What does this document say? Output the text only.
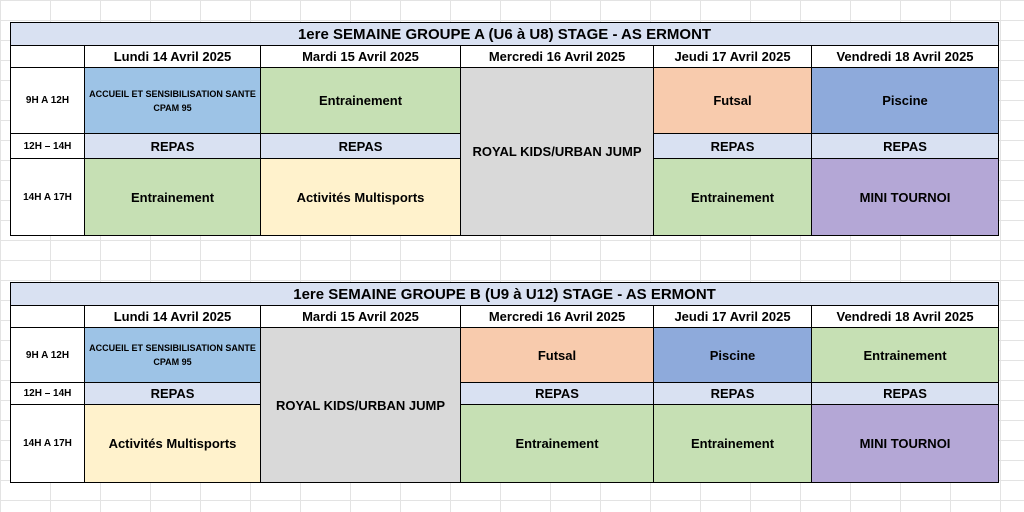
1ere SEMAINE GROUPE A (U6 à U8) STAGE - AS ERMONT					
	Lundi 14 Avril 2025	Mardi 15 Avril 2025	Mercredi 16 Avril 2025	Jeudi 17 Avril 2025	Vendredi 18 Avril 2025
9H A 12H	ACCUEIL ET SENSIBILISATION SANTE
CPAM 95	Entrainement	ROYAL KIDS/URBAN JUMP	Futsal	Piscine
12H – 14H	REPAS	REPAS		REPAS	REPAS
14H A 17H	Entrainement	Activités Multisports		Entrainement	MINI TOURNOI
1ere SEMAINE GROUPE B (U9 à U12) STAGE - AS ERMONT					
	Lundi 14 Avril 2025	Mardi 15 Avril 2025	Mercredi 16 Avril 2025	Jeudi 17 Avril 2025	Vendredi 18 Avril 2025
9H A 12H	ACCUEIL ET SENSIBILISATION SANTE
CPAM 95	ROYAL KIDS/URBAN JUMP	Futsal	Piscine	Entrainement
12H – 14H	REPAS		REPAS	REPAS	REPAS
14H A 17H	Activités Multisports		Entrainement	Entrainement	MINI TOURNOI
